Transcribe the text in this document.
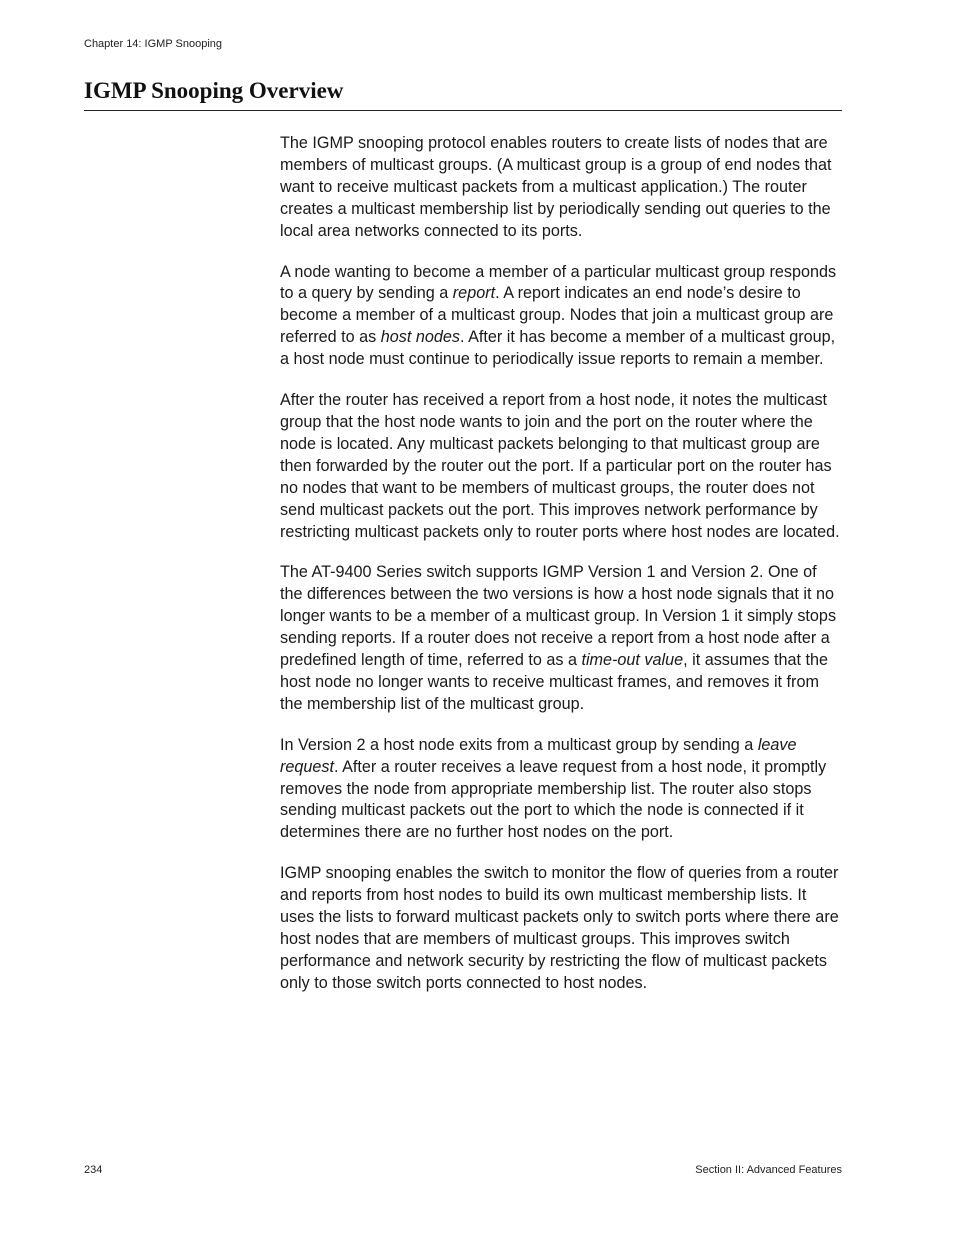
Chapter 14: IGMP Snooping
IGMP Snooping Overview

The IGMP snooping protocol enables routers to create lists of nodes that are members of multicast groups. (A multicast group is a group of end nodes that want to receive multicast packets from a multicast application.) The router creates a multicast membership list by periodically sending out queries to the local area networks connected to its ports.

A node wanting to become a member of a particular multicast group responds to a query by sending a report. A report indicates an end node’s desire to become a member of a multicast group. Nodes that join a multicast group are referred to as host nodes. After it has become a member of a multicast group, a host node must continue to periodically issue reports to remain a member.

After the router has received a report from a host node, it notes the multicast group that the host node wants to join and the port on the router where the node is located. Any multicast packets belonging to that multicast group are then forwarded by the router out the port. If a particular port on the router has no nodes that want to be members of multicast groups, the router does not send multicast packets out the port. This improves network performance by restricting multicast packets only to router ports where host nodes are located.

The AT-9400 Series switch supports IGMP Version 1 and Version 2. One of the differences between the two versions is how a host node signals that it no longer wants to be a member of a multicast group. In Version 1 it simply stops sending reports. If a router does not receive a report from a host node after a predefined length of time, referred to as a time-out value, it assumes that the host node no longer wants to receive multicast frames, and removes it from the membership list of the multicast group.

In Version 2 a host node exits from a multicast group by sending a leave request. After a router receives a leave request from a host node, it promptly removes the node from appropriate membership list. The router also stops sending multicast packets out the port to which the node is connected if it determines there are no further host nodes on the port.

IGMP snooping enables the switch to monitor the flow of queries from a router and reports from host nodes to build its own multicast membership lists. It uses the lists to forward multicast packets only to switch ports where there are host nodes that are members of multicast groups. This improves switch performance and network security by restricting the flow of multicast packets only to those switch ports connected to host nodes.

234	Section II: Advanced Features
